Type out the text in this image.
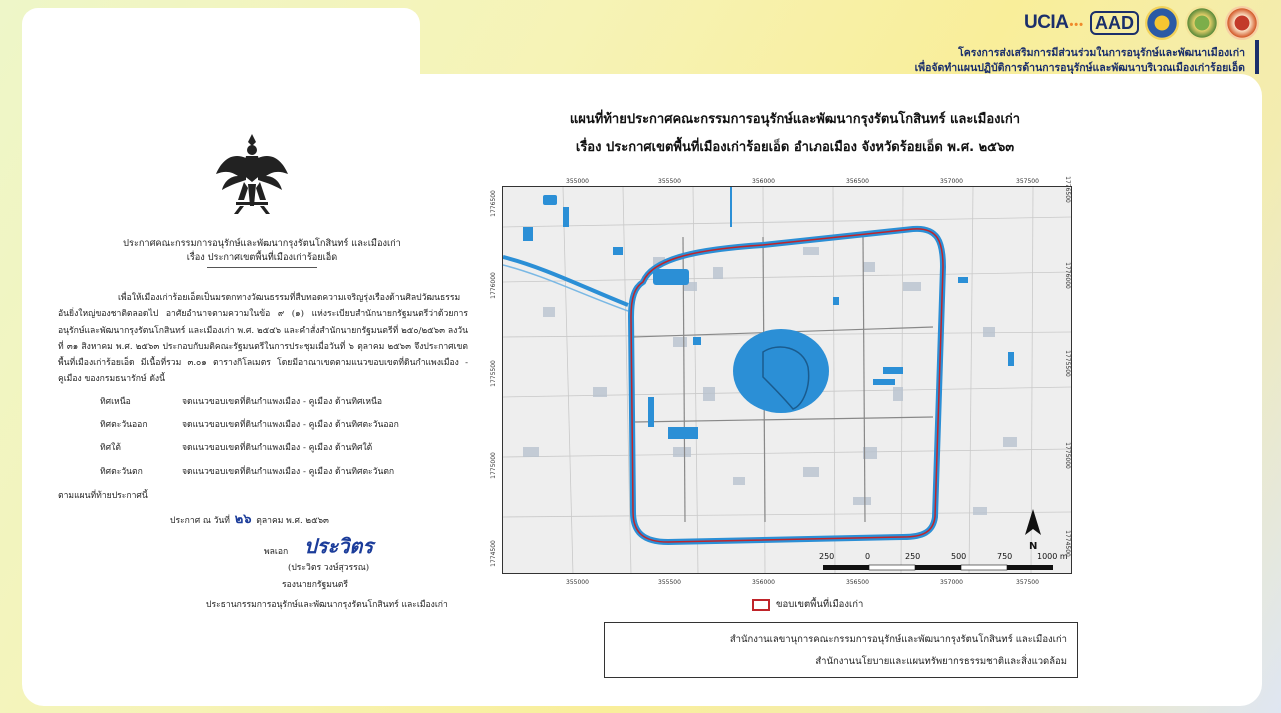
UCIA••• AAD
โครงการส่งเสริมการมีส่วนร่วมในการอนุรักษ์และพัฒนาเมืองเก่า
เพื่อจัดทำแผนปฏิบัติการด้านการอนุรักษ์และพัฒนาบริเวณเมืองเก่าร้อยเอ็ด
ประกาศคณะกรรมการอนุรักษ์และพัฒนากรุงรัตนโกสินทร์ และเมืองเก่า
เรื่อง ประกาศเขตพื้นที่เมืองเก่าร้อยเอ็ด
เพื่อให้เมืองเก่าร้อยเอ็ดเป็นมรดกทางวัฒนธรรมที่สืบทอดความเจริญรุ่งเรืองด้านศิลปวัฒนธรรมอันยิ่งใหญ่ของชาติตลอดไป อาศัยอำนาจตามความในข้อ ๙ (๑) แห่งระเบียบสำนักนายกรัฐมนตรีว่าด้วยการอนุรักษ์และพัฒนากรุงรัตนโกสินทร์ และเมืองเก่า พ.ศ. ๒๕๔๖ และคำสั่งสำนักนายกรัฐมนตรีที่ ๒๕๐/๒๕๖๓ ลงวันที่ ๓๑ สิงหาคม พ.ศ. ๒๕๖๓ ประกอบกับมติคณะรัฐมนตรีในการประชุมเมื่อวันที่ ๖ ตุลาคม ๒๕๖๓ จึงประกาศเขตพื้นที่เมืองเก่าร้อยเอ็ด มีเนื้อที่รวม ๓.๐๑ ตารางกิโลเมตร โดยมีอาณาเขตตามแนวขอบเขตที่ดินกำแพงเมือง - คูเมือง ของกรมธนารักษ์ ดังนี้
ทิศเหนือ	จดแนวขอบเขตที่ดินกำแพงเมือง - คูเมือง ด้านทิศเหนือ
ทิศตะวันออก	จดแนวขอบเขตที่ดินกำแพงเมือง - คูเมือง ด้านทิศตะวันออก
ทิศใต้	จดแนวขอบเขตที่ดินกำแพงเมือง - คูเมือง ด้านทิศใต้
ทิศตะวันตก	จดแนวขอบเขตที่ดินกำแพงเมือง - คูเมือง ด้านทิศตะวันตก
ตามแผนที่ท้ายประกาศนี้
ประกาศ ณ วันที่ ๒๖ ตุลาคม พ.ศ. ๒๕๖๓
พลเอก ประวิตร
(ประวิตร วงษ์สุวรรณ)
รองนายกรัฐมนตรี
ประธานกรรมการอนุรักษ์และพัฒนากรุงรัตนโกสินทร์ และเมืองเก่า
แผนที่ท้ายประกาศคณะกรรมการอนุรักษ์และพัฒนากรุงรัตนโกสินทร์ และเมืองเก่า
เรื่อง ประกาศเขตพื้นที่เมืองเก่าร้อยเอ็ด อำเภอเมือง จังหวัดร้อยเอ็ด พ.ศ. ๒๕๖๓
N
250	0	250	500	750	1000 m
355000	355500	356000	356500	357000	357500
355000	355500	356000	356500	357000	357500
1776500
1776000
1775500
1775000
1774500
1776500
1776000
1775500
1775000
1774500
ขอบเขตพื้นที่เมืองเก่า
สำนักงานเลขานุการคณะกรรมการอนุรักษ์และพัฒนากรุงรัตนโกสินทร์ และเมืองเก่า
สำนักงานนโยบายและแผนทรัพยากรธรรมชาติและสิ่งแวดล้อม
